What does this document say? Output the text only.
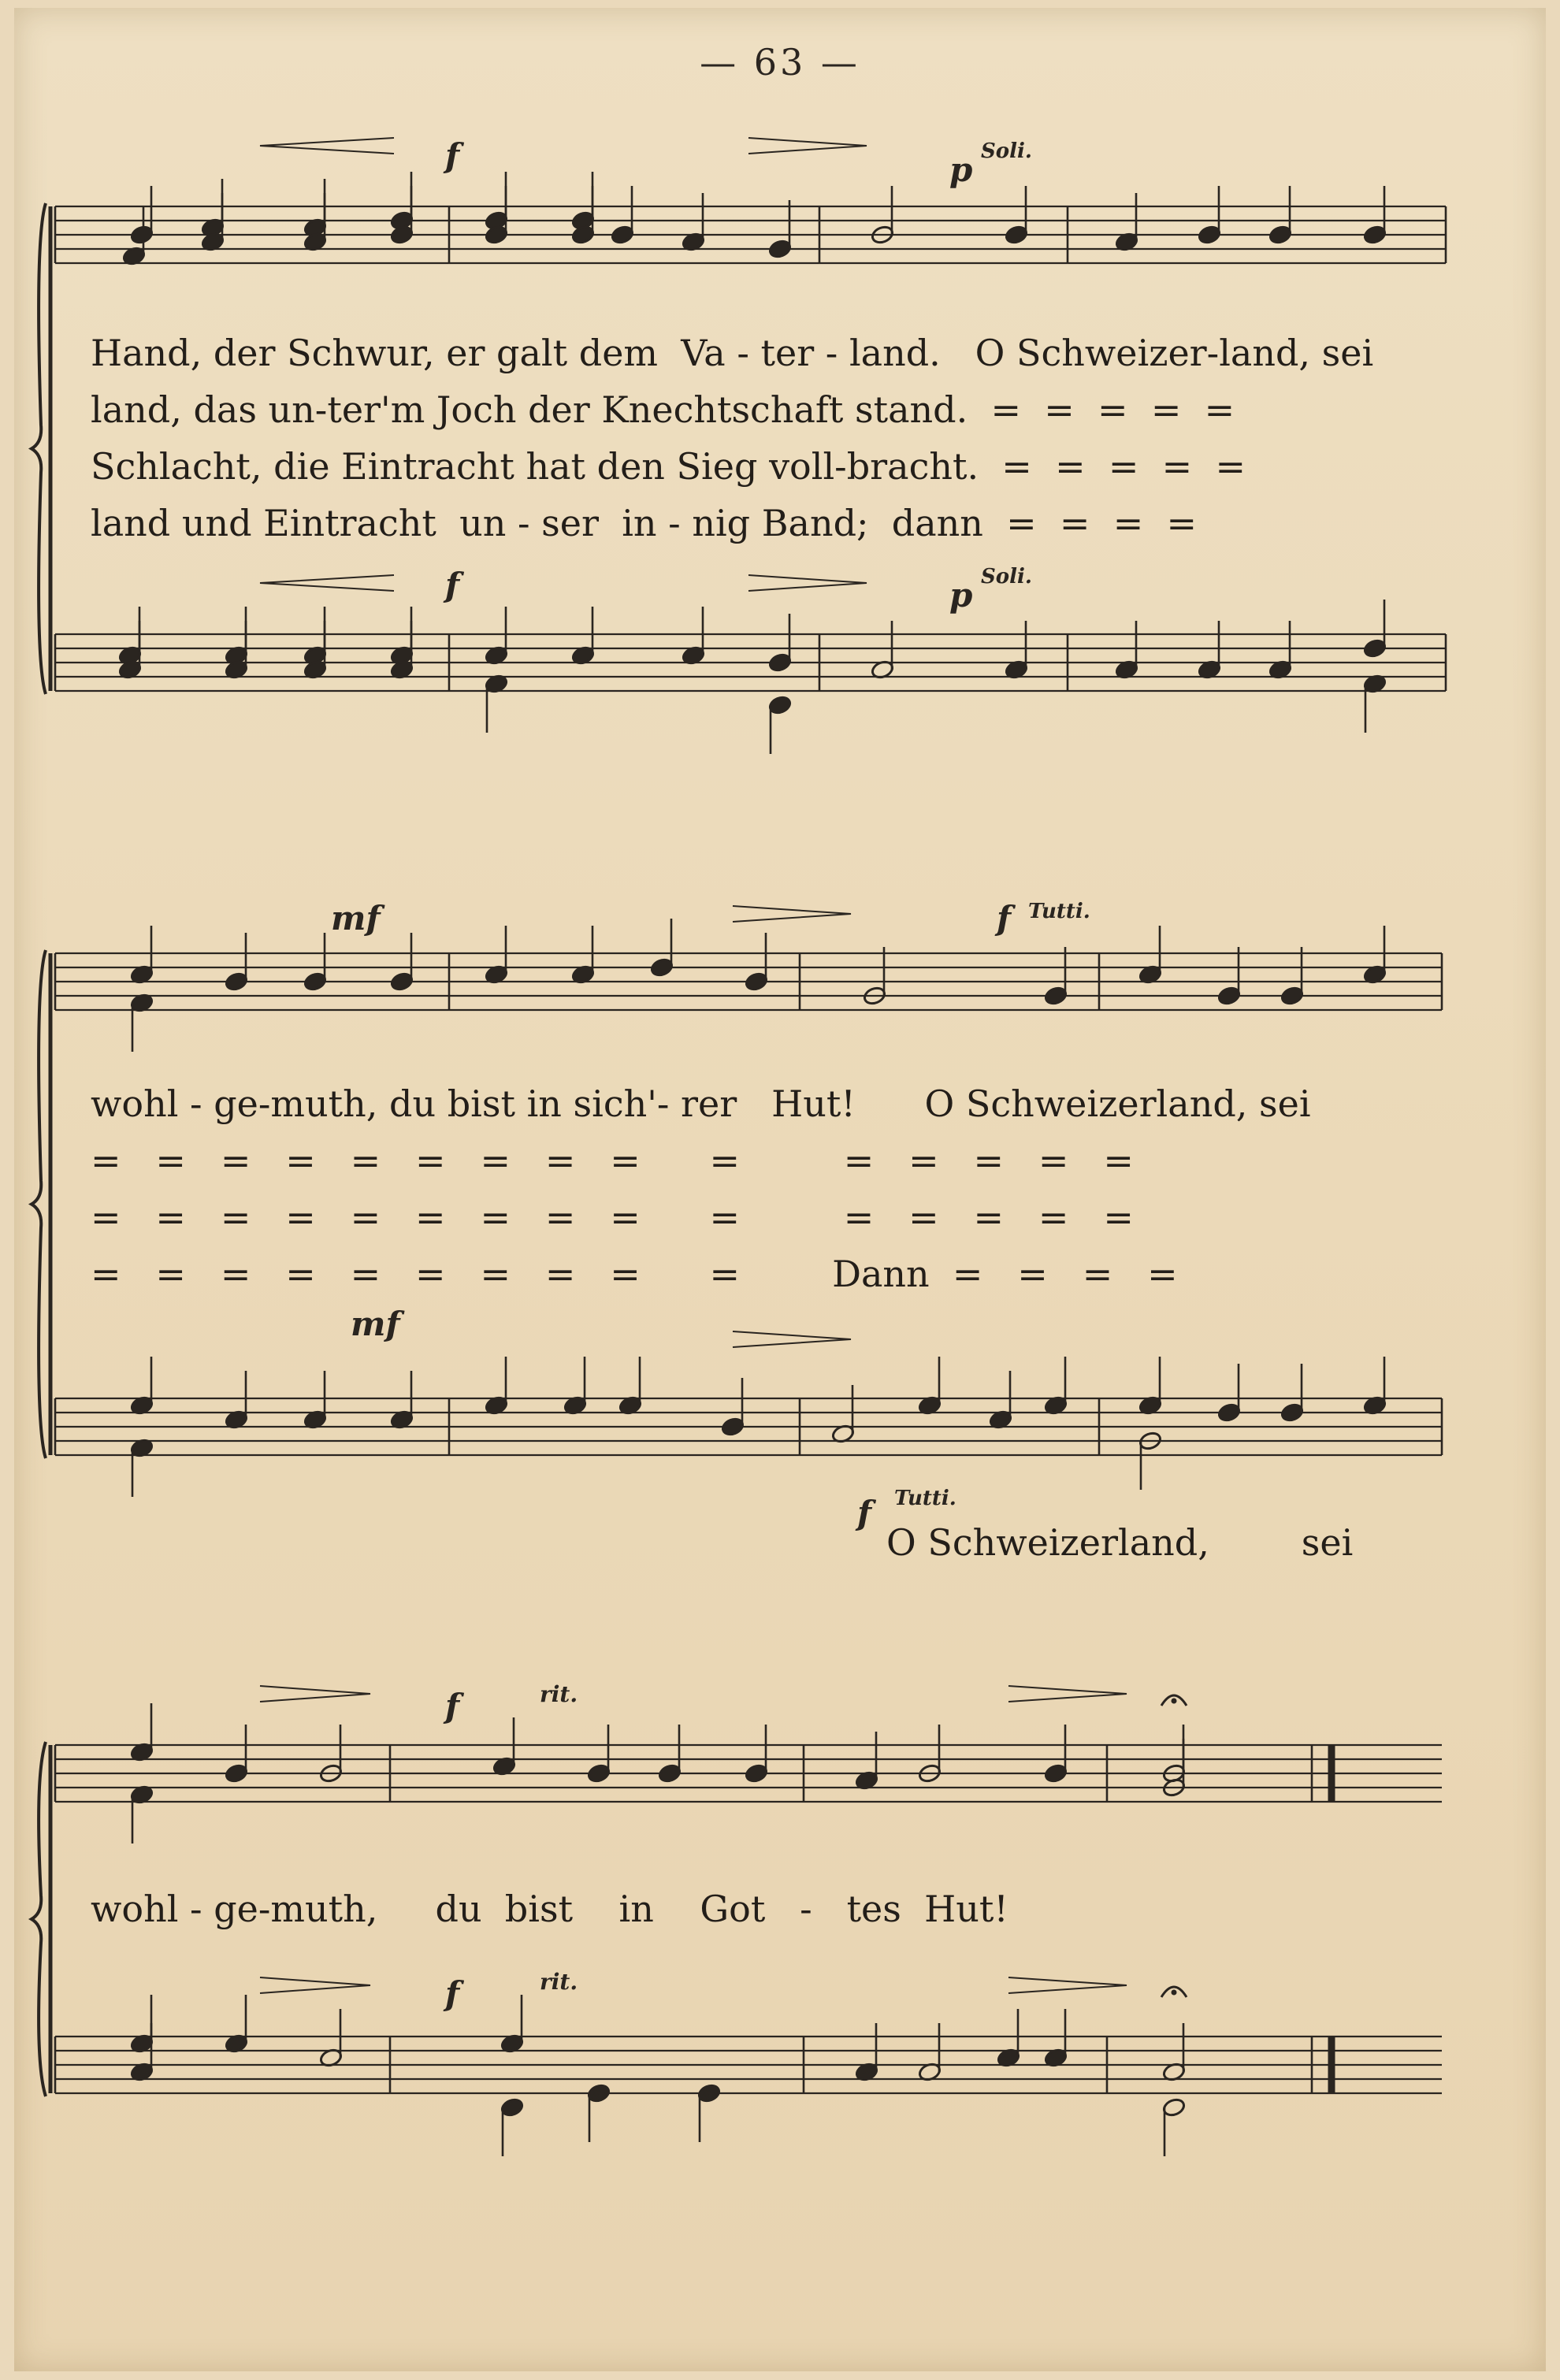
— 63 —
f	p Soli.
f	p Soli.
mf	f Tutti.
mf
f Tutti.
f	rit.
f	rit.
Hand, der Schwur, er galt dem  Va - ter - land.   O Schweizer-land, sei
land, das un-ter'm Joch der Knechtschaft stand.  =  =  =  =  =
Schlacht, die Eintracht hat den Sieg voll-bracht.  =  =  =  =  =
land und Eintracht  un - ser  in - nig Band;  dann  =  =  =  =
wohl - ge-muth, du bist in sich'- rer   Hut!      O Schweizerland, sei
=   =   =   =   =   =   =   =   =      =         =   =   =   =   =
=   =   =   =   =   =   =   =   =      =         =   =   =   =   =
=   =   =   =   =   =   =   =   =      =        Dann  =   =   =   =
O Schweizerland,        sei
wohl - ge-muth,     du  bist    in    Got   -   tes  Hut!
